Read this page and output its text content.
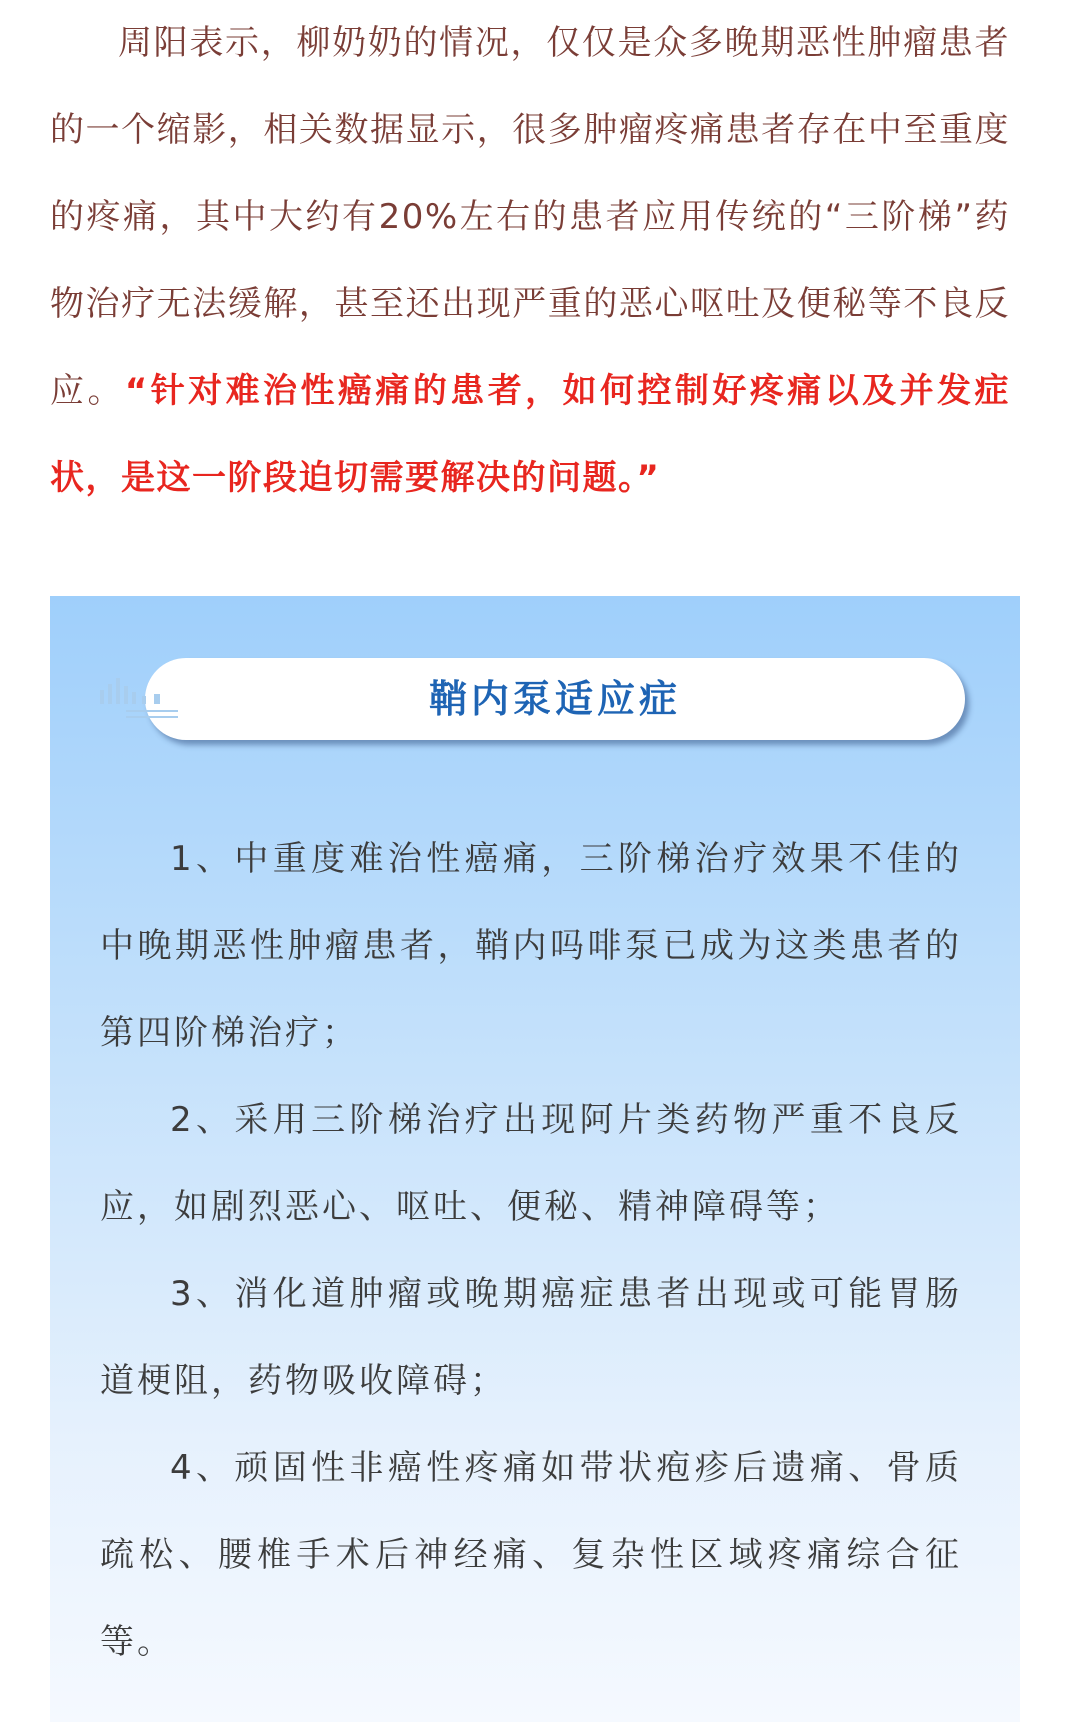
周阳表示，柳奶奶的情况，仅仅是众多晚期恶性肿瘤患者的一个缩影，相关数据显示，很多肿瘤疼痛患者存在中至重度的疼痛，其中大约有20%左右的患者应用传统的“三阶梯”药物治疗无法缓解，甚至还出现严重的恶心呕吐及便秘等不良反应。“针对难治性癌痛的患者，如何控制好疼痛以及并发症状，是这一阶段迫切需要解决的问题。”

鞘内泵适应症

1、中重度难治性癌痛，三阶梯治疗效果不佳的中晚期恶性肿瘤患者，鞘内吗啡泵已成为这类患者的第四阶梯治疗；

2、采用三阶梯治疗出现阿片类药物严重不良反应，如剧烈恶心、呕吐、便秘、精神障碍等；

3、消化道肿瘤或晚期癌症患者出现或可能胃肠道梗阻，药物吸收障碍；

4、顽固性非癌性疼痛如带状疱疹后遗痛、骨质疏松、腰椎手术后神经痛、复杂性区域疼痛综合征等。
